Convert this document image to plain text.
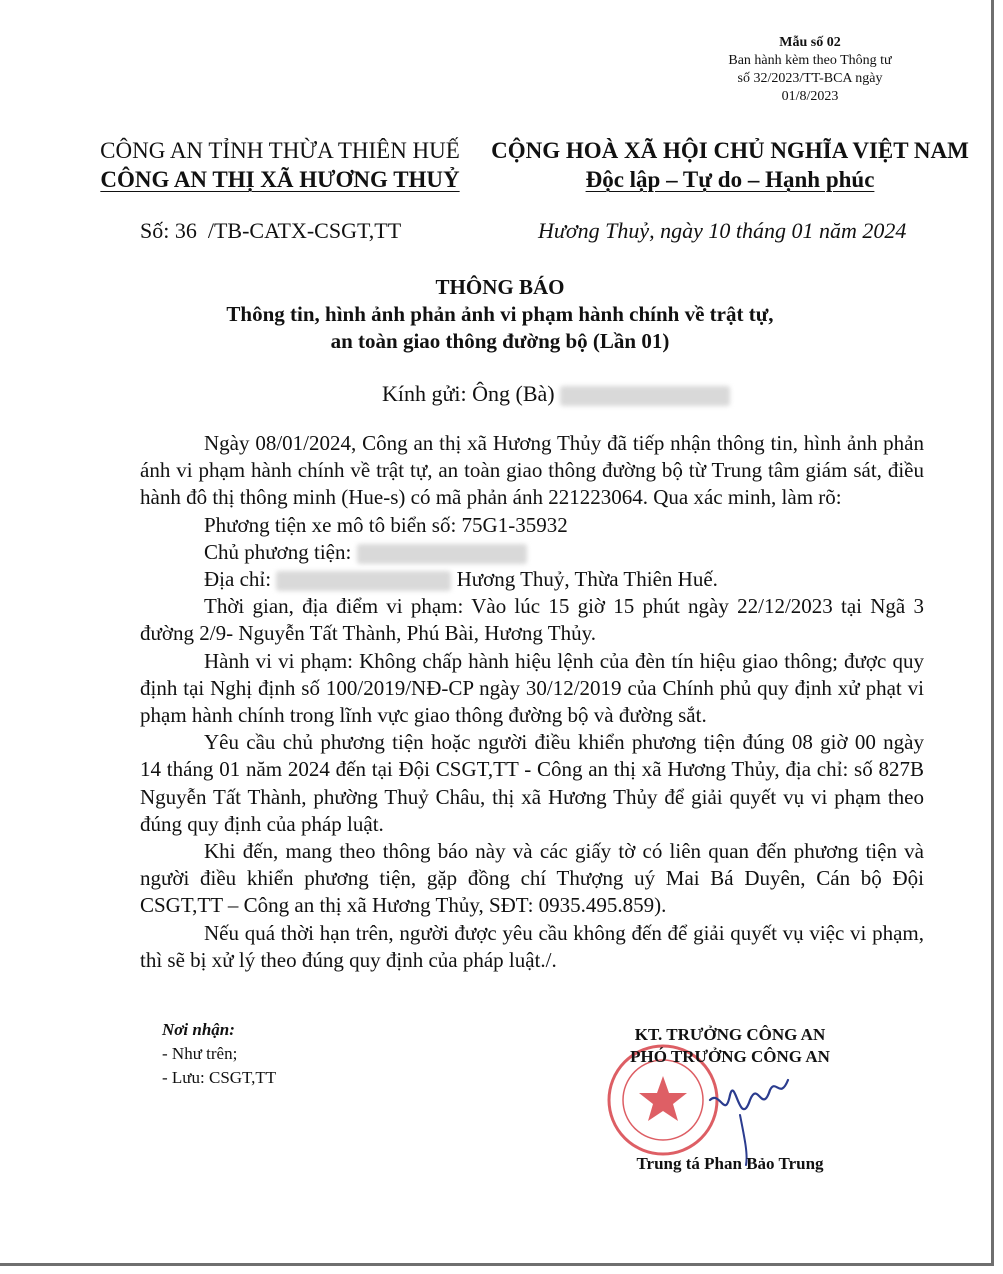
Mẫu số 02
Ban hành kèm theo Thông tư
số 32/2023/TT-BCA ngày
01/8/2023
CÔNG AN TỈNH THỪA THIÊN HUẾ
CÔNG AN THỊ XÃ HƯƠNG THUỶ
CỘNG HOÀ XÃ HỘI CHỦ NGHĨA VIỆT NAM
Độc lập – Tự do – Hạnh phúc
Số: 36  /TB-CATX-CSGT,TT	Hương Thuỷ, ngày 10 tháng 01 năm 2024
THÔNG BÁO
Thông tin, hình ảnh phản ảnh vi phạm hành chính về trật tự,
an toàn giao thông đường bộ (Lần 01)
Kính gửi: Ông (Bà)

Ngày 08/01/2024, Công an thị xã Hương Thủy đã tiếp nhận thông tin, hình ảnh phản ánh vi phạm hành chính về trật tự, an toàn giao thông đường bộ từ Trung tâm giám sát, điều hành đô thị thông minh (Hue-s) có mã phản ánh 221223064. Qua xác minh, làm rõ:

Phương tiện xe mô tô biển số: 75G1-35932

Chủ phương tiện:

Địa chỉ:	Hương Thuỷ, Thừa Thiên Huế.

Thời gian, địa điểm vi phạm: Vào lúc 15 giờ 15 phút ngày 22/12/2023 tại Ngã 3 đường 2/9- Nguyễn Tất Thành, Phú Bài, Hương Thủy.

Hành vi vi phạm: Không chấp hành hiệu lệnh của đèn tín hiệu giao thông; được quy định tại Nghị định số 100/2019/NĐ-CP ngày 30/12/2019 của Chính phủ quy định xử phạt vi phạm hành chính trong lĩnh vực giao thông đường bộ và đường sắt.

Yêu cầu chủ phương tiện hoặc người điều khiển phương tiện đúng 08 giờ 00 ngày  14 tháng 01 năm 2024 đến tại Đội CSGT,TT - Công an thị xã Hương Thủy, địa chỉ: số 827B Nguyễn Tất Thành, phường Thuỷ Châu, thị xã Hương Thủy để giải quyết vụ vi phạm theo đúng quy định của pháp luật.

Khi đến, mang theo thông báo này và các giấy tờ có liên quan đến phương tiện và người điều khiển phương tiện, gặp đồng chí Thượng uý Mai Bá Duyên, Cán bộ Đội CSGT,TT – Công an thị xã Hương Thủy, SĐT: 0935.495.859).

Nếu quá thời hạn trên, người được yêu cầu không đến để giải quyết vụ việc vi phạm, thì sẽ bị xử lý theo đúng quy định của pháp luật./.

Nơi nhận:
- Như trên;
- Lưu: CSGT,TT
KT. TRƯỞNG CÔNG AN
PHÓ TRƯỞNG CÔNG AN
Trung tá Phan Bảo Trung
